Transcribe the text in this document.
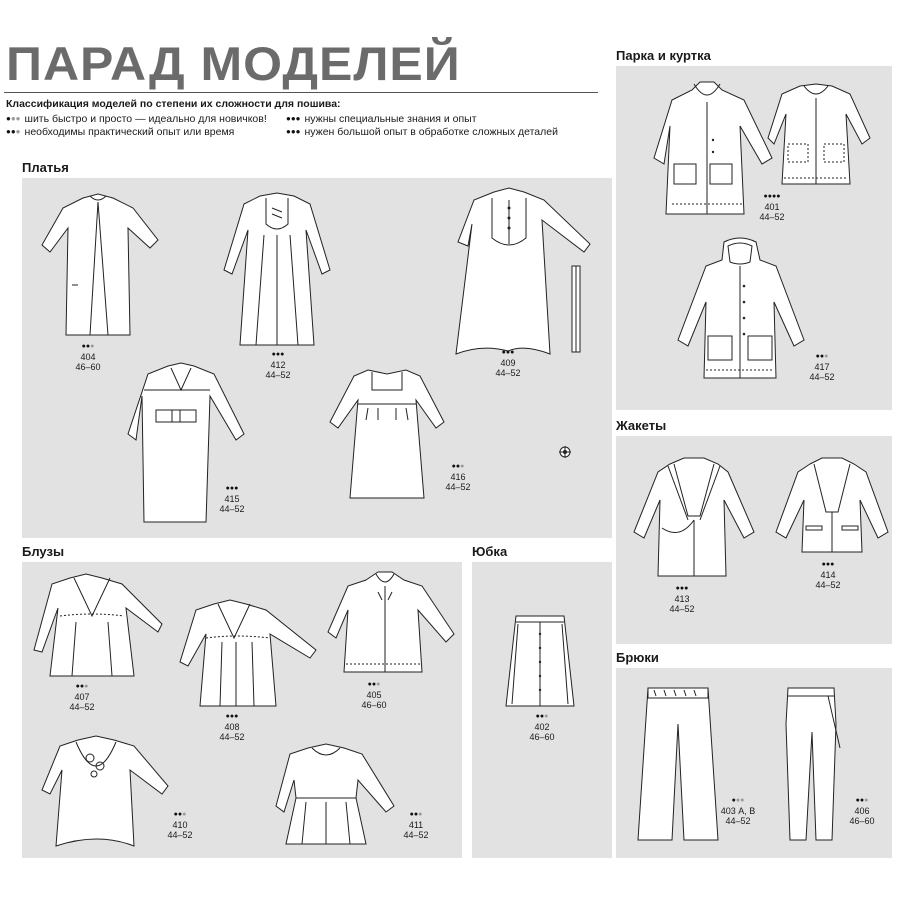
ПАРАД МОДЕЛЕЙ
Классификация моделей по степени их сложности для пошива:
●●● шить быстро и просто — идеально для новичков!
●●● необходимы практический опыт или время
●●● нужны специальные знания и опыт
●●● нужен большой опыт в обработке сложных деталей
Платья
Парка и куртка
Жакеты
Блузы	Юбка
Брюки
●●●
404
46–60
●●●
412
44–52
●●●
409
44–52
●●●
415
44–52
●●●
416
44–52
●●●●
401
44–52
●●●
417
44–52
●●●
413
44–52
●●●
414
44–52
●●●
407
44–52
●●●
408
44–52
●●●
405
46–60
●●●
410
44–52
●●●
411
44–52
●●●
402
46–60
●●●
403 А, В
44–52
●●●
406
46–60
